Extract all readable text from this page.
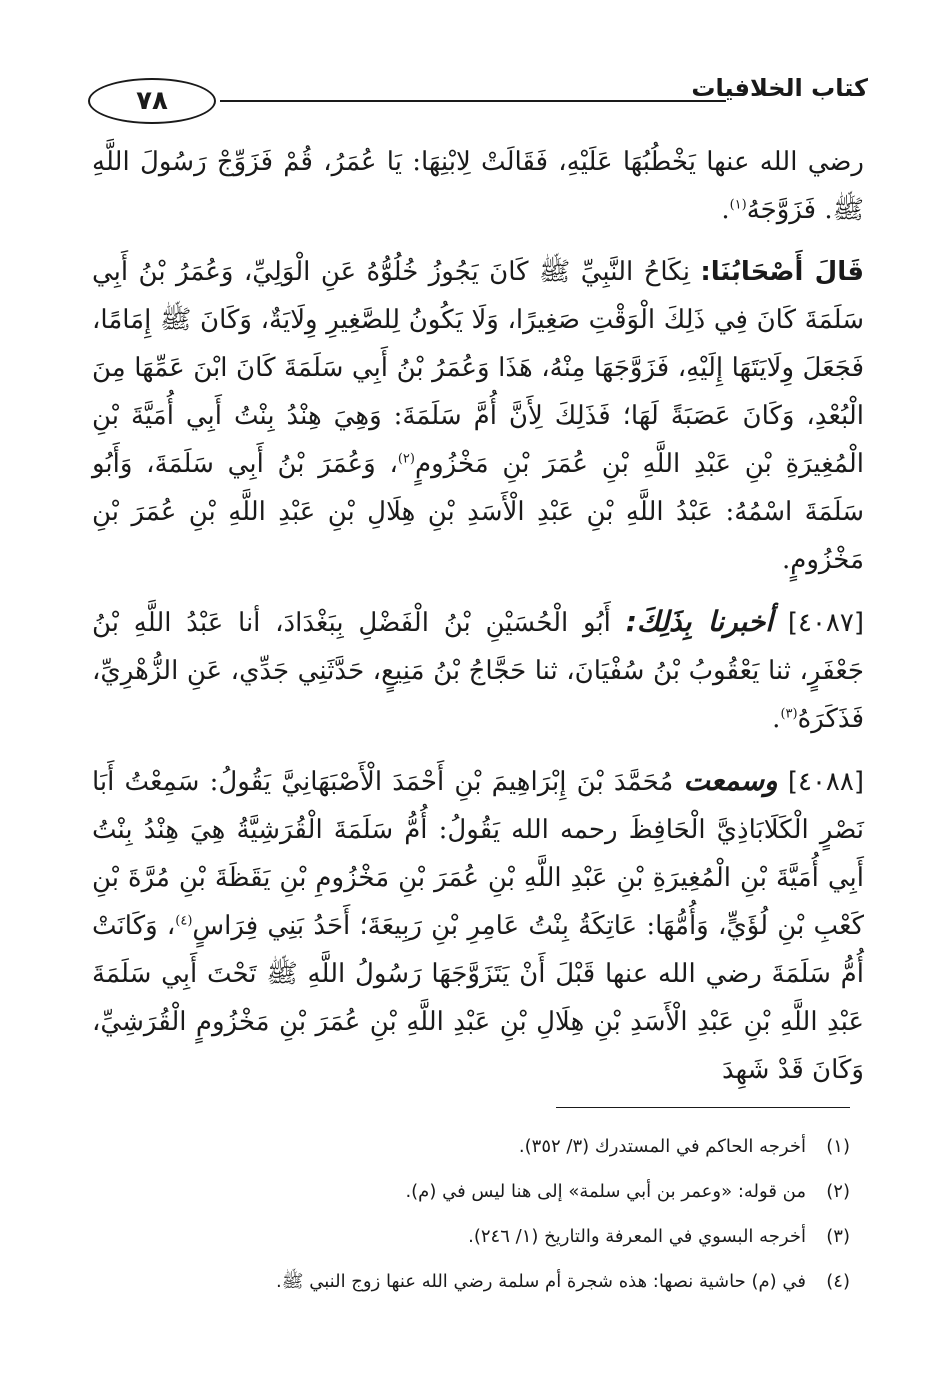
٧٨	كتاب الخلافيات

رضي الله عنها يَخْطُبُهَا عَلَيْهِ، فَقَالَتْ لِابْنِهَا: يَا عُمَرُ، قُمْ فَزَوِّجْ رَسُولَ اللَّهِ ﷺ. فَزَوَّجَهُ$^{(١)}$.

قَالَ أَصْحَابُنَا: نِكَاحُ النَّبِيِّ ﷺ كَانَ يَجُوزُ خُلُوُّهُ عَنِ الْوَلِيِّ، وَعُمَرُ بْنُ أَبِي سَلَمَةَ كَانَ فِي ذَلِكَ الْوَقْتِ صَغِيرًا، وَلَا يَكُونُ لِلصَّغِيرِ وِلَايَةٌ، وَكَانَ ﷺ إِمَامًا، فَجَعَلَ وِلَايَتَهَا إِلَيْهِ، فَزَوَّجَهَا مِنْهُ، هَذَا وَعُمَرُ بْنُ أَبِي سَلَمَةَ كَانَ ابْنَ عَمِّهَا مِنَ الْبُعْدِ، وَكَانَ عَصَبَةً لَهَا؛ فَذَلِكَ لِأَنَّ أُمَّ سَلَمَةَ: وَهِيَ هِنْدُ بِنْتُ أَبِي أُمَيَّةَ بْنِ الْمُغِيرَةِ بْنِ عَبْدِ اللَّهِ بْنِ عُمَرَ بْنِ مَخْزُومٍ$^{(٢)}$، وَعُمَرَ بْنُ أَبِي سَلَمَةَ، وَأَبُو سَلَمَةَ اسْمُهُ: عَبْدُ اللَّهِ بْنِ عَبْدِ الْأَسَدِ بْنِ هِلَالِ بْنِ عَبْدِ اللَّهِ بْنِ عُمَرَ بْنِ مَخْزُومٍ.

[٤٠٨٧] أخبرنا بِذَلِكَ: أَبُو الْحُسَيْنِ بْنُ الْفَضْلِ بِبَغْدَادَ، أنا عَبْدُ اللَّهِ بْنُ جَعْفَرٍ، ثنا يَعْقُوبُ بْنُ سُفْيَانَ، ثنا حَجَّاجُ بْنُ مَنِيعٍ، حَدَّثَنِي جَدِّي، عَنِ الزُّهْرِيِّ، فَذَكَرَهُ$^{(٣)}$.

[٤٠٨٨] وسمعت مُحَمَّدَ بْنَ إِبْرَاهِيمَ بْنِ أَحْمَدَ الْأَصْبَهَانِيَّ يَقُولُ: سَمِعْتُ أَبَا نَصْرٍ الْكَلَابَاذِيَّ الْحَافِظَ رحمه الله يَقُولُ: أُمُّ سَلَمَةَ الْقُرَشِيَّةُ هِيَ هِنْدُ بِنْتُ أَبِي أُمَيَّةَ بْنِ الْمُغِيرَةِ بْنِ عَبْدِ اللَّهِ بْنِ عُمَرَ بْنِ مَخْزُومِ بْنِ يَقَظَةَ بْنِ مُرَّةَ بْنِ كَعْبِ بْنِ لُؤَيٍّ، وَأُمُّهَا: عَاتِكَةُ بِنْتُ عَامِرِ بْنِ رَبِيعَةَ؛ أَحَدُ بَنِي فِرَاسٍ$^{(٤)}$، وَكَانَتْ أُمُّ سَلَمَةَ رضي الله عنها قَبْلَ أَنْ يَتَزَوَّجَهَا رَسُولُ اللَّهِ ﷺ تَحْتَ أَبِي سَلَمَةَ عَبْدِ اللَّهِ بْنِ عَبْدِ الْأَسَدِ بْنِ هِلَالِ بْنِ عَبْدِ اللَّهِ بْنِ عُمَرَ بْنِ مَخْزُومٍ الْقُرَشِيِّ، وَكَانَ قَدْ شَهِدَ

(١)أخرجه الحاكم في المستدرك (٣/ ٣٥٢).
(٢)من قوله: «وعمر بن أبي سلمة» إلى هنا ليس في (م).
(٣)أخرجه البسوي في المعرفة والتاريخ (١/ ٢٤٦).
(٤)في (م) حاشية نصها: هذه شجرة أم سلمة رضي الله عنها زوج النبي ﷺ.
